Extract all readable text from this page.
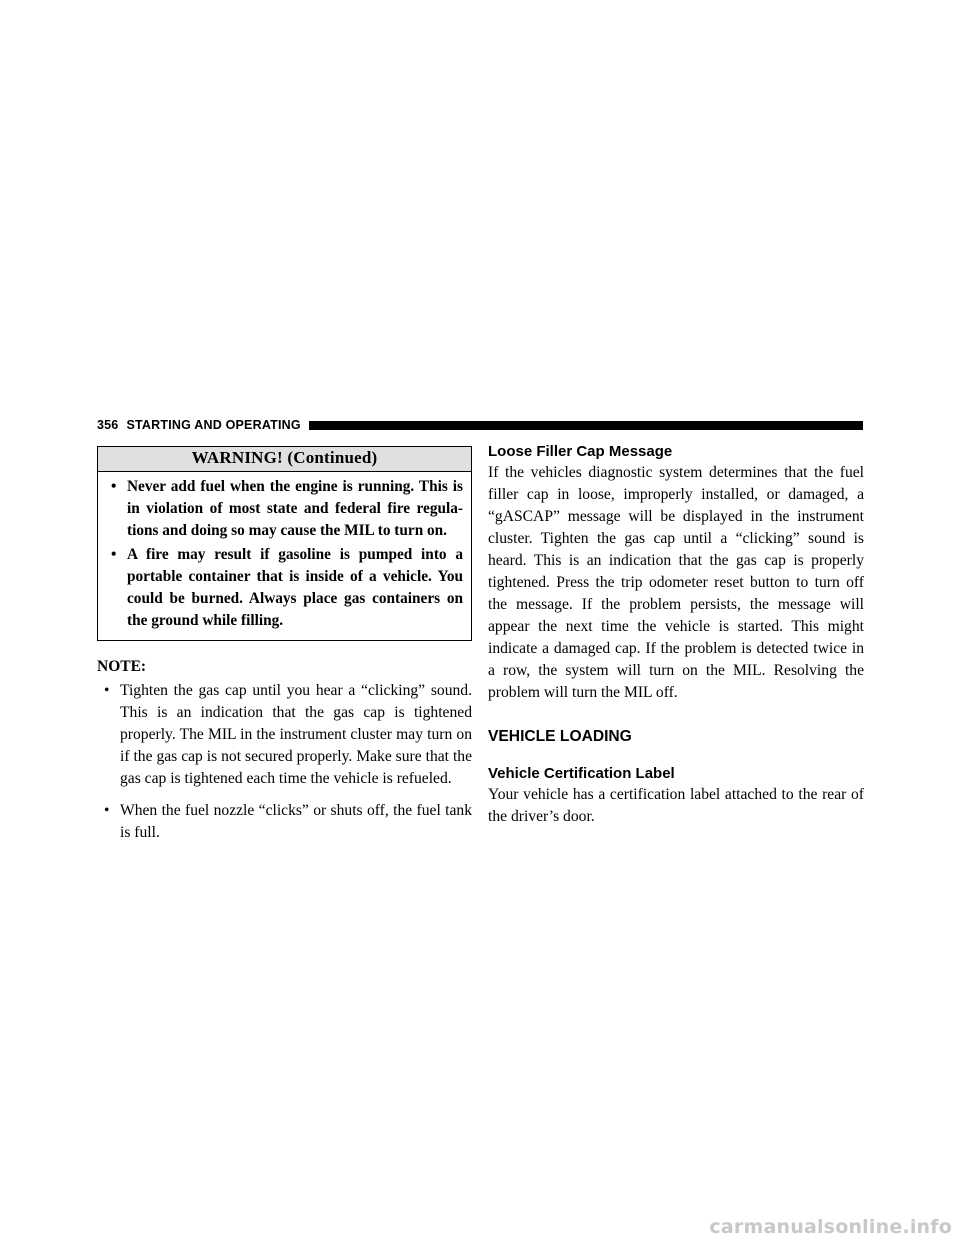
356 STARTING AND OPERATING
WARNING! (Continued)
• Never add fuel when the engine is running. This is in violation of most state and federal fire regula-tions and doing so may cause the MIL to turn on.
• A fire may result if gasoline is pumped into a portable container that is inside of a vehicle. You could be burned. Always place gas containers on the ground while filling.
NOTE:
• Tighten the gas cap until you hear a “clicking” sound. This is an indication that the gas cap is tightened properly. The MIL in the instrument cluster may turn on if the gas cap is not secured properly. Make sure that the gas cap is tightened each time the vehicle is refueled.
• When the fuel nozzle “clicks” or shuts off, the fuel tank is full.
Loose Filler Cap Message

If the vehicles diagnostic system determines that the fuel filler cap in loose, improperly installed, or damaged, a “gASCAP” message will be displayed in the instrument cluster. Tighten the gas cap until a “clicking” sound is heard. This is an indication that the gas cap is properly tightened. Press the trip odometer reset button to turn off the message. If the problem persists, the message will appear the next time the vehicle is started. This might indicate a damaged cap. If the problem is detected twice in a row, the system will turn on the MIL. Resolving the problem will turn the MIL off.

VEHICLE LOADING
Vehicle Certification Label

Your vehicle has a certification label attached to the rear of the driver’s door.

carmanualsonline.info
